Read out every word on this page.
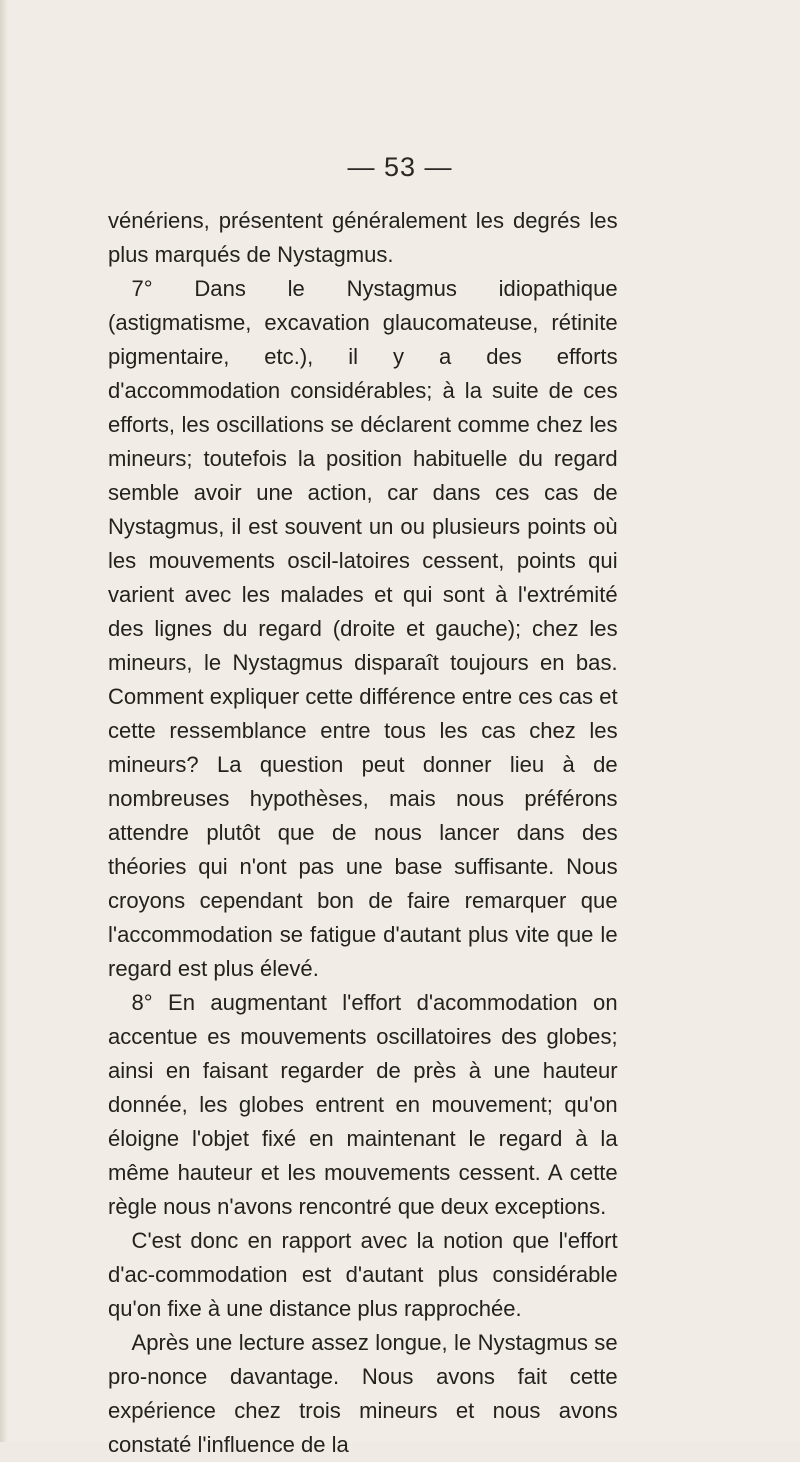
— 53 —

vénériens, présentent généralement les degrés les plus marqués de Nystagmus.

7° Dans le Nystagmus idiopathique (astigmatisme, excavation glaucomateuse, rétinite pigmentaire, etc.), il y a des efforts d'accommodation considérables; à la suite de ces efforts, les oscillations se déclarent comme chez les mineurs; toutefois la position habituelle du regard semble avoir une action, car dans ces cas de Nystagmus, il est souvent un ou plusieurs points où les mouvements oscil-latoires cessent, points qui varient avec les malades et qui sont à l'extrémité des lignes du regard (droite et gauche); chez les mineurs, le Nystagmus disparaît toujours en bas. Comment expliquer cette différence entre ces cas et cette ressemblance entre tous les cas chez les mineurs? La question peut donner lieu à de nombreuses hypothèses, mais nous préférons attendre plutôt que de nous lancer dans des théories qui n'ont pas une base suffisante. Nous croyons cependant bon de faire remarquer que l'accommodation se fatigue d'autant plus vite que le regard est plus élevé.

8° En augmentant l'effort d'acommodation on accentue es mouvements oscillatoires des globes; ainsi en faisant regarder de près à une hauteur donnée, les globes entrent en mouvement; qu'on éloigne l'objet fixé en maintenant le regard à la même hauteur et les mouvements cessent. A cette règle nous n'avons rencontré que deux exceptions.

C'est donc en rapport avec la notion que l'effort d'ac-commodation est d'autant plus considérable qu'on fixe à une distance plus rapprochée.

Après une lecture assez longue, le Nystagmus se pro-nonce davantage. Nous avons fait cette expérience chez trois mineurs et nous avons constaté l'influence de la
